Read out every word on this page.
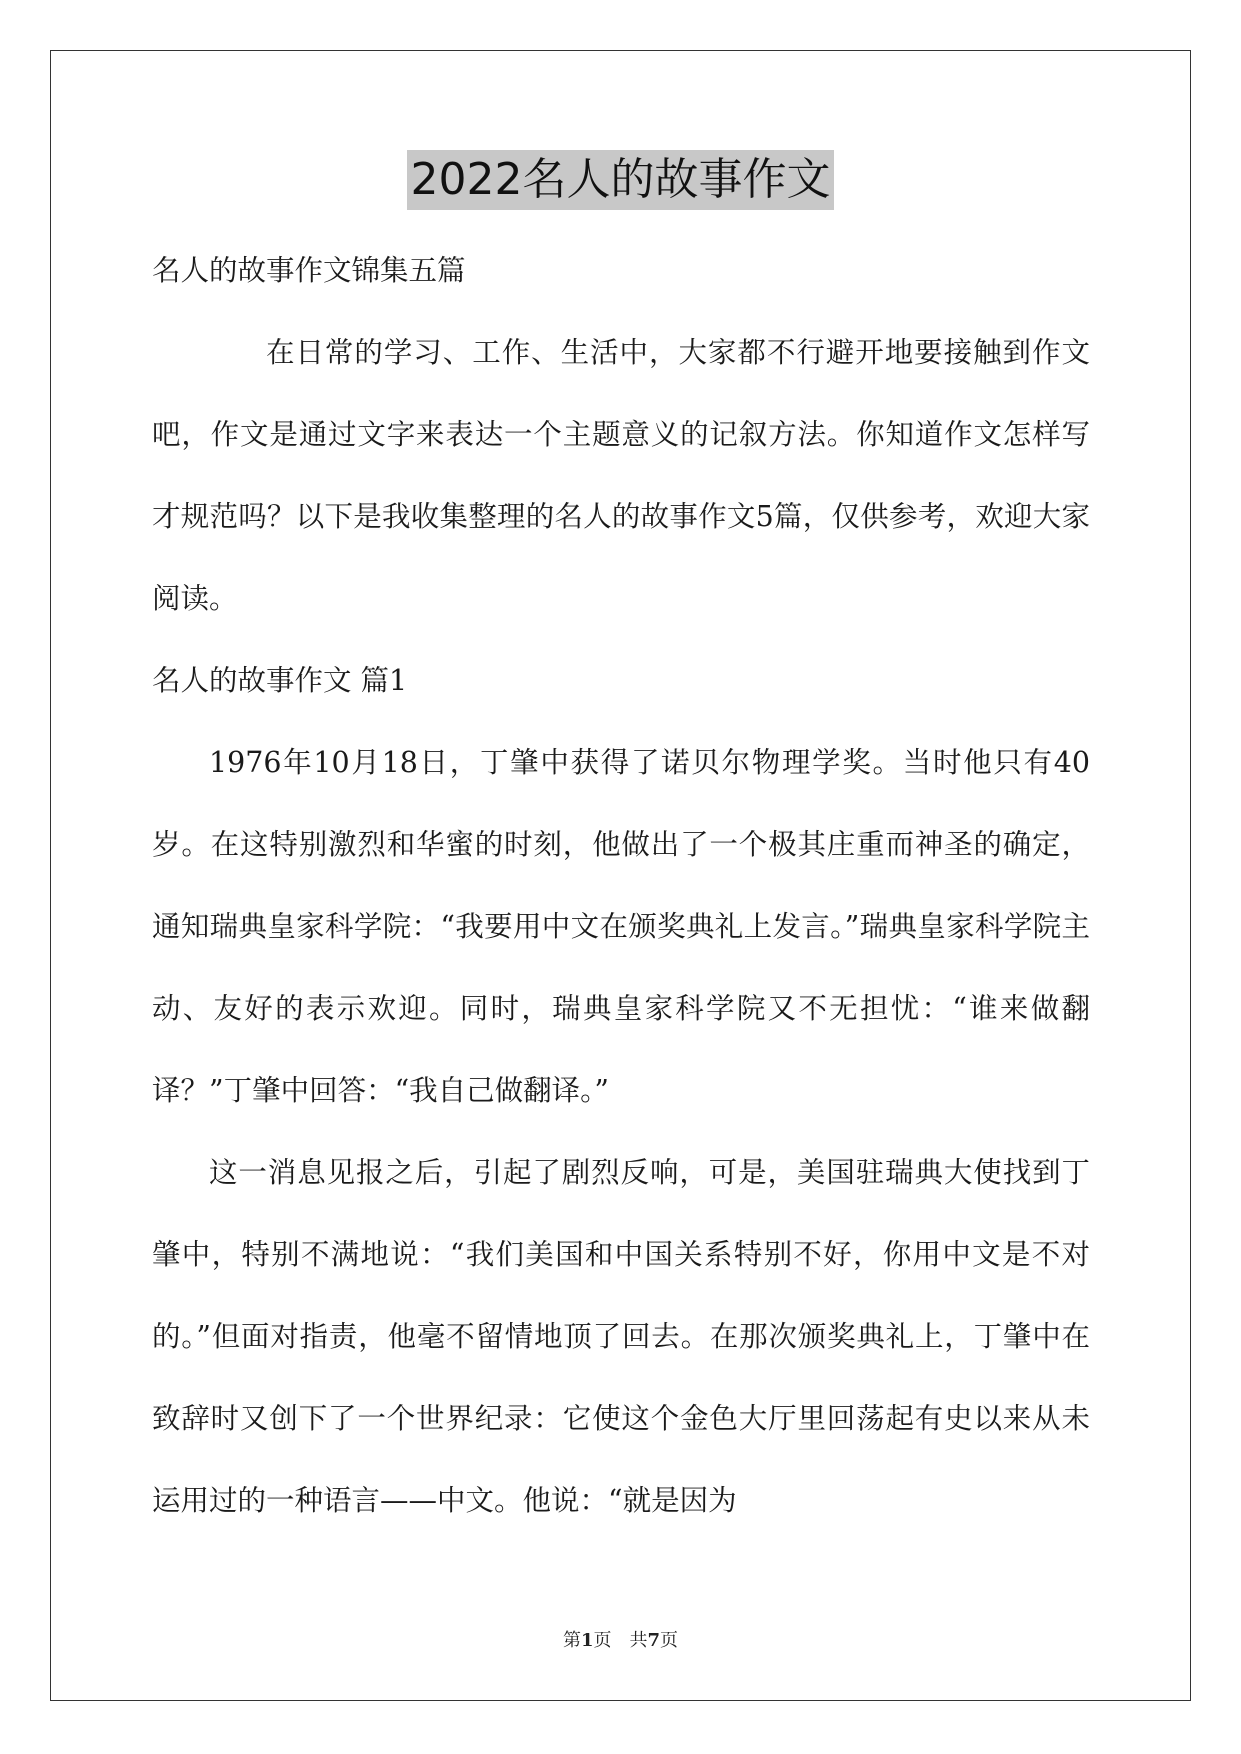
2022名人的故事作文

名人的故事作文锦集五篇

在日常的学习、工作、生活中，大家都不行避开地要接触到作文吧，作文是通过文字来表达一个主题意义的记叙方法。你知道作文怎样写才规范吗？以下是我收集整理的名人的故事作文5篇，仅供参考，欢迎大家阅读。

名人的故事作文 篇1

1976年10月18日，丁肇中获得了诺贝尔物理学奖。当时他只有40岁。在这特别激烈和华蜜的时刻，他做出了一个极其庄重而神圣的确定，通知瑞典皇家科学院：“我要用中文在颁奖典礼上发言。”瑞典皇家科学院主动、友好的表示欢迎。同时，瑞典皇家科学院又不无担忧：“谁来做翻译？”丁肇中回答：“我自己做翻译。”

这一消息见报之后，引起了剧烈反响，可是，美国驻瑞典大使找到丁肇中，特别不满地说：“我们美国和中国关系特别不好，你用中文是不对的。”但面对指责，他毫不留情地顶了回去。在那次颁奖典礼上，丁肇中在致辞时又创下了一个世界纪录：它使这个金色大厅里回荡起有史以来从未运用过的一种语言——中文。他说：“就是因为

第1页　共7页
